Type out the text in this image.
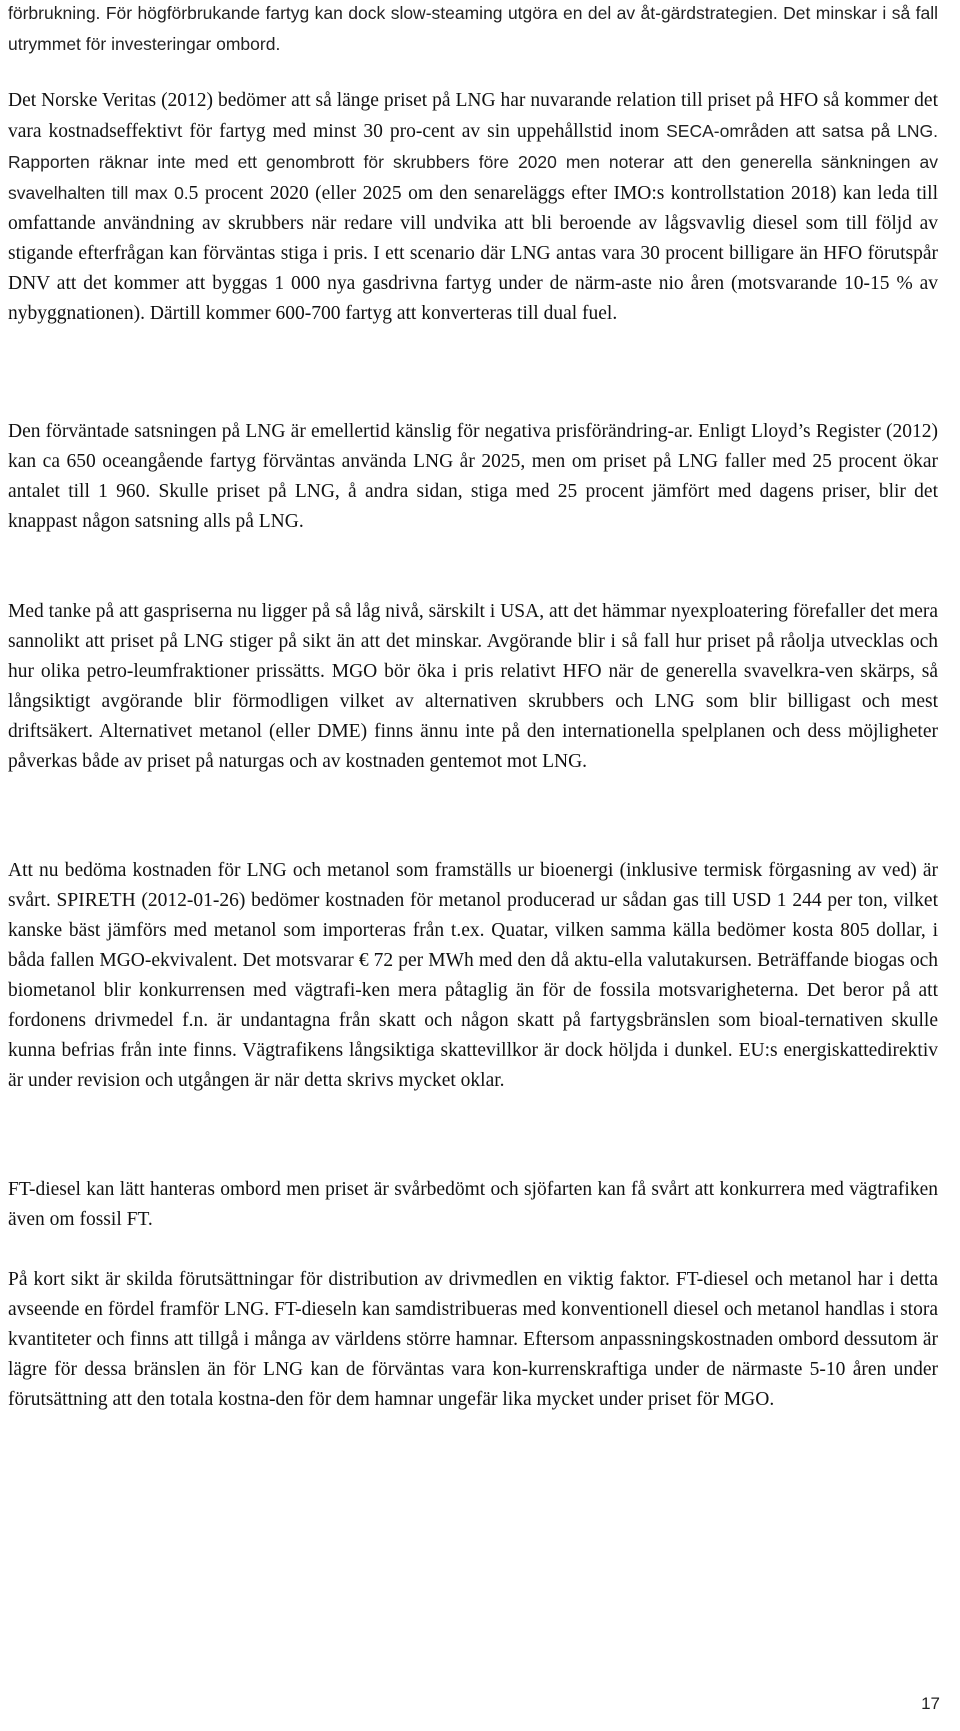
förbrukning. För högförbrukande fartyg kan dock slow-steaming utgöra en del av åt-gärdstrategien. Det minskar i så fall utrymmet för investeringar ombord.

Det Norske Veritas (2012) bedömer att så länge priset på LNG har nuvarande relation till priset på HFO så kommer det vara kostnadseffektivt för fartyg med minst 30 pro-cent av sin uppehållstid inom SECA-områden att satsa på LNG. Rapporten räknar inte med ett genombrott för skrubbers före 2020 men noterar att den generella sänkningen av svavelhalten till max 0.5 procent 2020 (eller 2025 om den senareläggs efter IMO:s kontrollstation 2018) kan leda till omfattande användning av skrubbers när redare vill undvika att bli beroende av lågsvavlig diesel som till följd av stigande efterfrågan kan förväntas stiga i pris. I ett scenario där LNG antas vara 30 procent billigare än HFO förutspår DNV att det kommer att byggas 1 000 nya gasdrivna fartyg under de närm-aste nio åren (motsvarande 10-15 % av nybyggnationen). Därtill kommer 600-700 fartyg att konverteras till dual fuel.

Den förväntade satsningen på LNG är emellertid känslig för negativa prisförändring-ar. Enligt Lloyd’s Register (2012) kan ca 650 oceangående fartyg förväntas använda LNG år 2025, men om priset på LNG faller med 25 procent ökar antalet till 1 960. Skulle priset på LNG, å andra sidan, stiga med 25 procent jämfört med dagens priser, blir det knappast någon satsning alls på LNG.

Med tanke på att gaspriserna nu ligger på så låg nivå, särskilt i USA, att det hämmar nyexploatering förefaller det mera sannolikt att priset på LNG stiger på sikt än att det minskar. Avgörande blir i så fall hur priset på råolja utvecklas och hur olika petro-leumfraktioner prissätts. MGO bör öka i pris relativt HFO när de generella svavelkra-ven skärps, så långsiktigt avgörande blir förmodligen vilket av alternativen skrubbers och LNG som blir billigast och mest driftsäkert. Alternativet metanol (eller DME) finns ännu inte på den internationella spelplanen och dess möjligheter påverkas både av priset på naturgas och av kostnaden gentemot mot LNG.

Att nu bedöma kostnaden för LNG och metanol som framställs ur bioenergi (inklusive termisk förgasning av ved) är svårt. SPIRETH (2012-01-26) bedömer kostnaden för metanol producerad ur sådan gas till USD 1 244 per ton, vilket kanske bäst jämförs med metanol som importeras från t.ex. Quatar, vilken samma källa bedömer kosta 805 dollar, i båda fallen MGO-ekvivalent. Det motsvarar € 72 per MWh med den då aktu-ella valutakursen. Beträffande biogas och biometanol blir konkurrensen med vägtrafi-ken mera påtaglig än för de fossila motsvarigheterna. Det beror på att fordonens drivmedel f.n. är undantagna från skatt och någon skatt på fartygsbränslen som bioal-ternativen skulle kunna befrias från inte finns. Vägtrafikens långsiktiga skattevillkor är dock höljda i dunkel. EU:s energiskattedirektiv är under revision och utgången är när detta skrivs mycket oklar.

FT-diesel kan lätt hanteras ombord men priset är svårbedömt och sjöfarten kan få svårt att konkurrera med vägtrafiken även om fossil FT.

På kort sikt är skilda förutsättningar för distribution av drivmedlen en viktig faktor. FT-diesel och metanol har i detta avseende en fördel framför LNG. FT-dieseln kan samdistribueras med konventionell diesel och metanol handlas i stora kvantiteter och finns att tillgå i många av världens större hamnar. Eftersom anpassningskostnaden ombord dessutom är lägre för dessa bränslen än för LNG kan de förväntas vara kon-kurrenskraftiga under de närmaste 5-10 åren under förutsättning att den totala kostna-den för dem hamnar ungefär lika mycket under priset för MGO.

17
